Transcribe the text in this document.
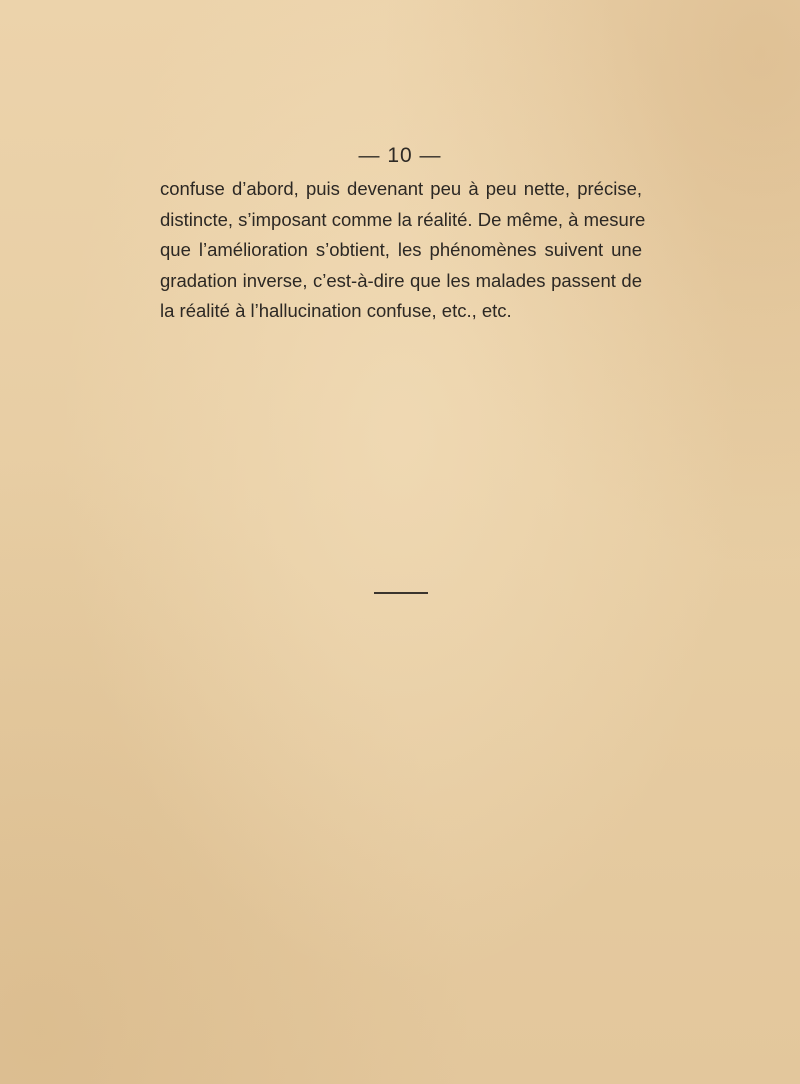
— 10 —
confuse d’abord, puis devenant peu à peu nette, précise,
distincte, s’imposant comme la réalité. De même, à mesure
que l’amélioration s’obtient, les phénomènes suivent une
gradation inverse, c’est-à-dire que les malades passent de
la réalité à l’hallucination confuse, etc., etc.
